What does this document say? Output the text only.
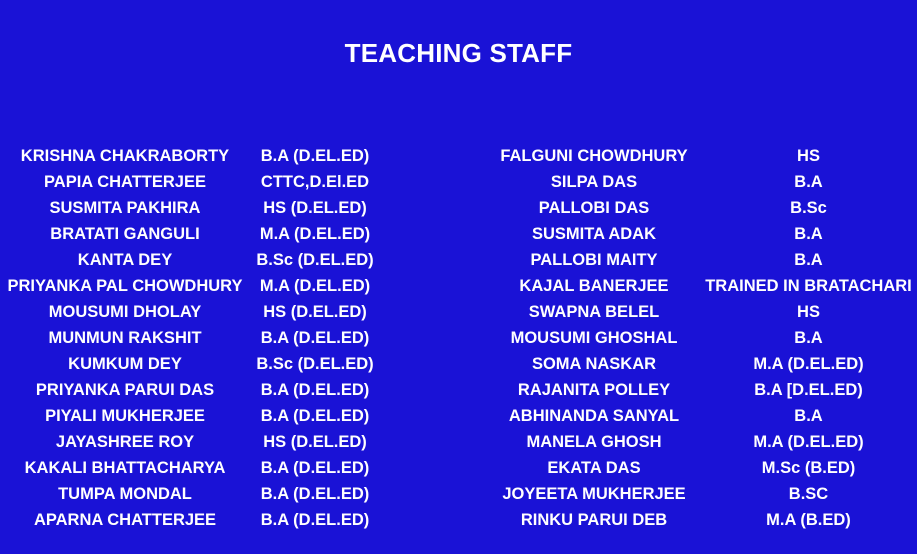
TEACHING STAFF
KRISHNA CHAKRABORTY	B.A (D.EL.ED)	FALGUNI CHOWDHURY	HS
PAPIA CHATTERJEE	CTTC,D.El.ED	SILPA DAS	B.A
SUSMITA PAKHIRA	HS (D.EL.ED)	PALLOBI DAS	B.Sc
BRATATI GANGULI	M.A (D.EL.ED)	SUSMITA ADAK	B.A
KANTA DEY	B.Sc (D.EL.ED)	PALLOBI MAITY	B.A
PRIYANKA PAL CHOWDHURY	M.A (D.EL.ED)	KAJAL BANERJEE	TRAINED IN BRATACHARI
MOUSUMI DHOLAY	HS (D.EL.ED)	SWAPNA BELEL	HS
MUNMUN RAKSHIT	B.A (D.EL.ED)	MOUSUMI GHOSHAL	B.A
KUMKUM DEY	B.Sc (D.EL.ED)	SOMA NASKAR	M.A (D.EL.ED)
PRIYANKA PARUI DAS	B.A (D.EL.ED)	RAJANITA POLLEY	B.A [D.EL.ED)
PIYALI MUKHERJEE	B.A (D.EL.ED)	ABHINANDA SANYAL	B.A
JAYASHREE ROY	HS (D.EL.ED)	MANELA GHOSH	M.A (D.EL.ED)
KAKALI BHATTACHARYA	B.A (D.EL.ED)	EKATA DAS	M.Sc (B.ED)
TUMPA MONDAL	B.A (D.EL.ED)	JOYEETA MUKHERJEE	B.SC
APARNA CHATTERJEE	B.A (D.EL.ED)	RINKU PARUI DEB	M.A (B.ED)
